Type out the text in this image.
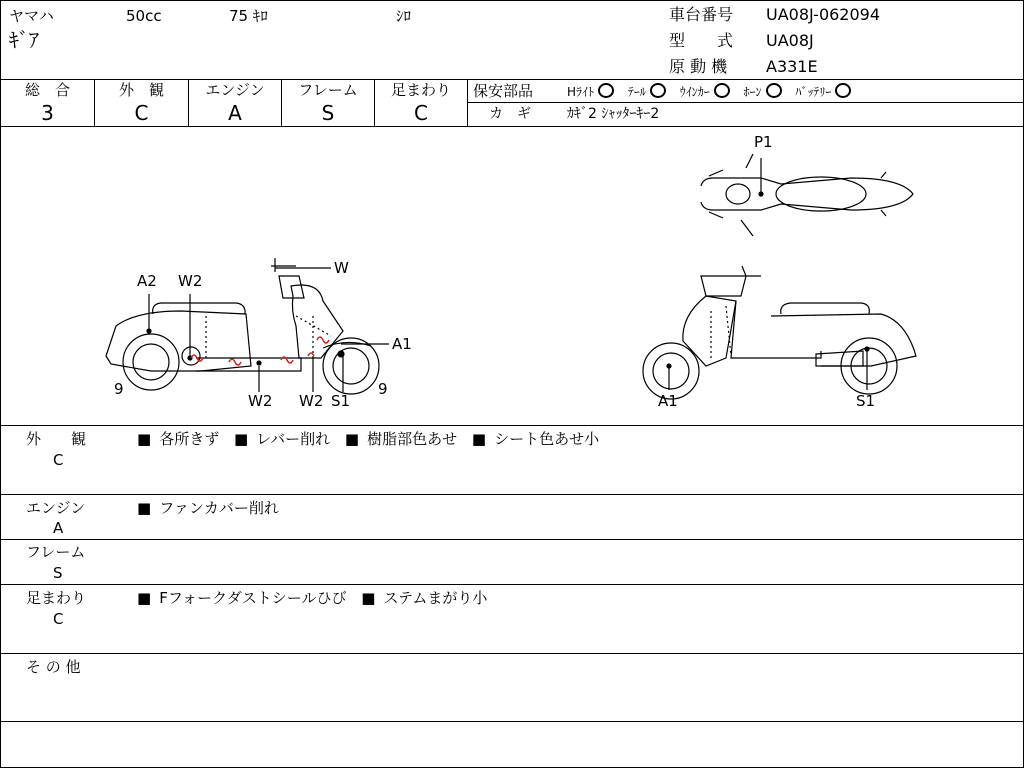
ヤマハ	50cc	75 ｷﾛ	ｼﾛ
ｷﾞｱ
車台番号 UA08J-062094
型　　式 UA08J
原 動 機 A331E
総　合
3
外　観
C
エンジン
A
フレーム
S
足まわり
C
保安部品	Hﾗｲﾄ	ﾃｰﾙ	ｳｲﾝｶｰ	ﾎｰﾝ	ﾊﾞｯﾃﾘｰ
カ　ギ	ｶｷﾞ2 ｼｬｯﾀｰｷｰ2
A2 W2
W
A1
9	9
W2 W2 S1
P1
A1	S1
外　　観
C
■ 各所きず ■ レバー削れ ■ 樹脂部色あせ ■ シート色あせ小
エンジン
A
■ ファンカバー削れ
フレーム
S
足まわり
C
■ Fフォークダストシールひび ■ ステムまがり小
そ の 他
